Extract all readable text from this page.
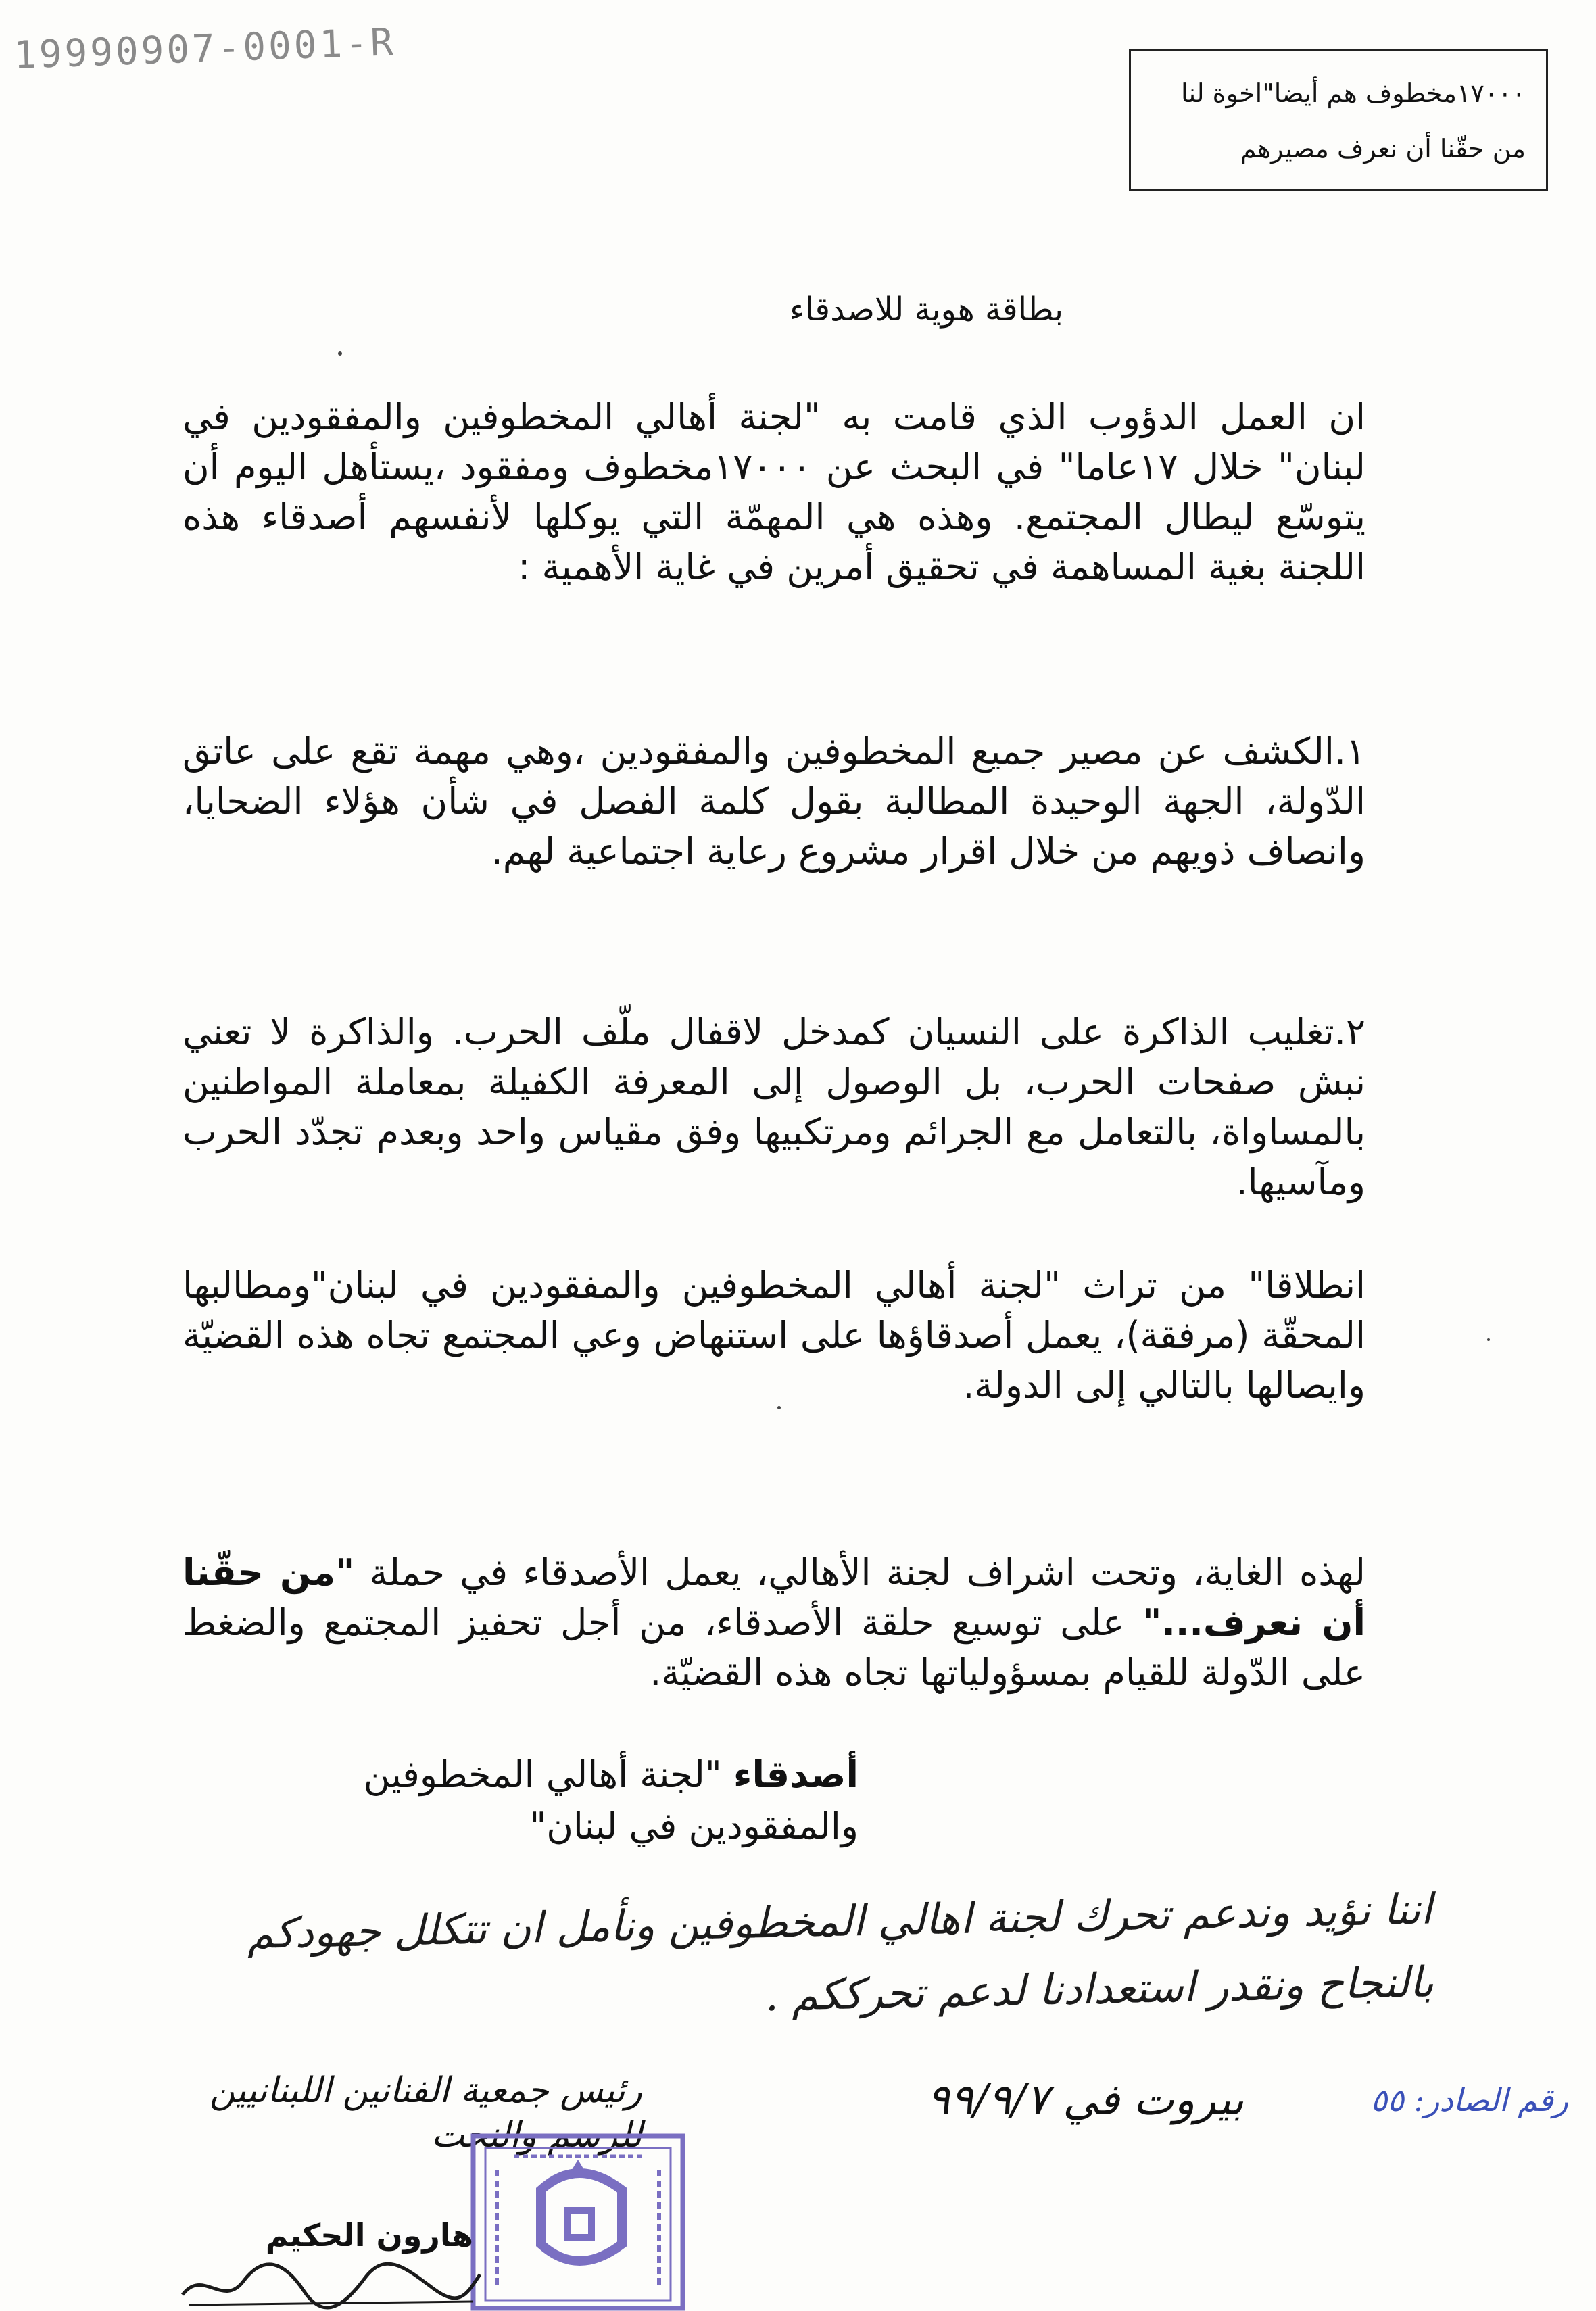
19990907-0001-R
١٧٠٠٠مخطوف هم أيضا"اخوة لنا
من حقّنا أن نعرف مصيرهم
بطاقة هوية للاصدقاء
ان العمل الدؤوب الذي قامت به "لجنة أهالي المخطوفين والمفقودين في لبنان" خلال ١٧عاما" في البحث عن ١٧٠٠٠مخطوف ومفقود ،يستأهل اليوم أن يتوسّع ليطال المجتمع. وهذه هي المهمّة التي يوكلها لأنفسهم أصدقاء هذه اللجنة بغية المساهمة في تحقيق أمرين في غاية الأهمية :
١.الكشف عن مصير جميع المخطوفين والمفقودين ،وهي مهمة تقع على عاتق الدّولة، الجهة الوحيدة المطالبة بقول كلمة الفصل في شأن هؤلاء الضحايا، وانصاف ذويهم من خلال اقرار مشروع رعاية اجتماعية لهم.
٢.تغليب الذاكرة على النسيان كمدخل لاقفال ملّف الحرب. والذاكرة لا تعني نبش صفحات الحرب، بل الوصول إلى المعرفة الكفيلة بمعاملة المواطنين بالمساواة، بالتعامل مع الجرائم ومرتكبيها وفق مقياس واحد وبعدم تجدّد الحرب ومآسيها.
انطلاقا" من تراث "لجنة أهالي المخطوفين والمفقودين في لبنان"ومطالبها المحقّة (مرفقة)، يعمل أصدقاؤها على استنهاض وعي المجتمع تجاه هذه القضيّة وايصالها بالتالي إلى الدولة.
لهذه الغاية، وتحت اشراف لجنة الأهالي، يعمل الأصدقاء في حملة "من حقّنا أن نعرف..." على توسيع حلقة الأصدقاء، من أجل تحفيز المجتمع والضغط على الدّولة للقيام بمسؤولياتها تجاه هذه القضيّة.
أصدقاء "لجنة أهالي المخطوفين والمفقودين في لبنان"
اننا نؤيد وندعم تحرك لجنة اهالي المخطوفين ونأمل ان تتكلل جهودكم بالنجاح ونقدر استعدادنا لدعم تحرككم .
رقم الصادر: ٥٥
بيروت في ٩٩/٩/٧
رئيس جمعية الفنانين اللبنانيين
للرسم والنحت
هارون الحكيم
